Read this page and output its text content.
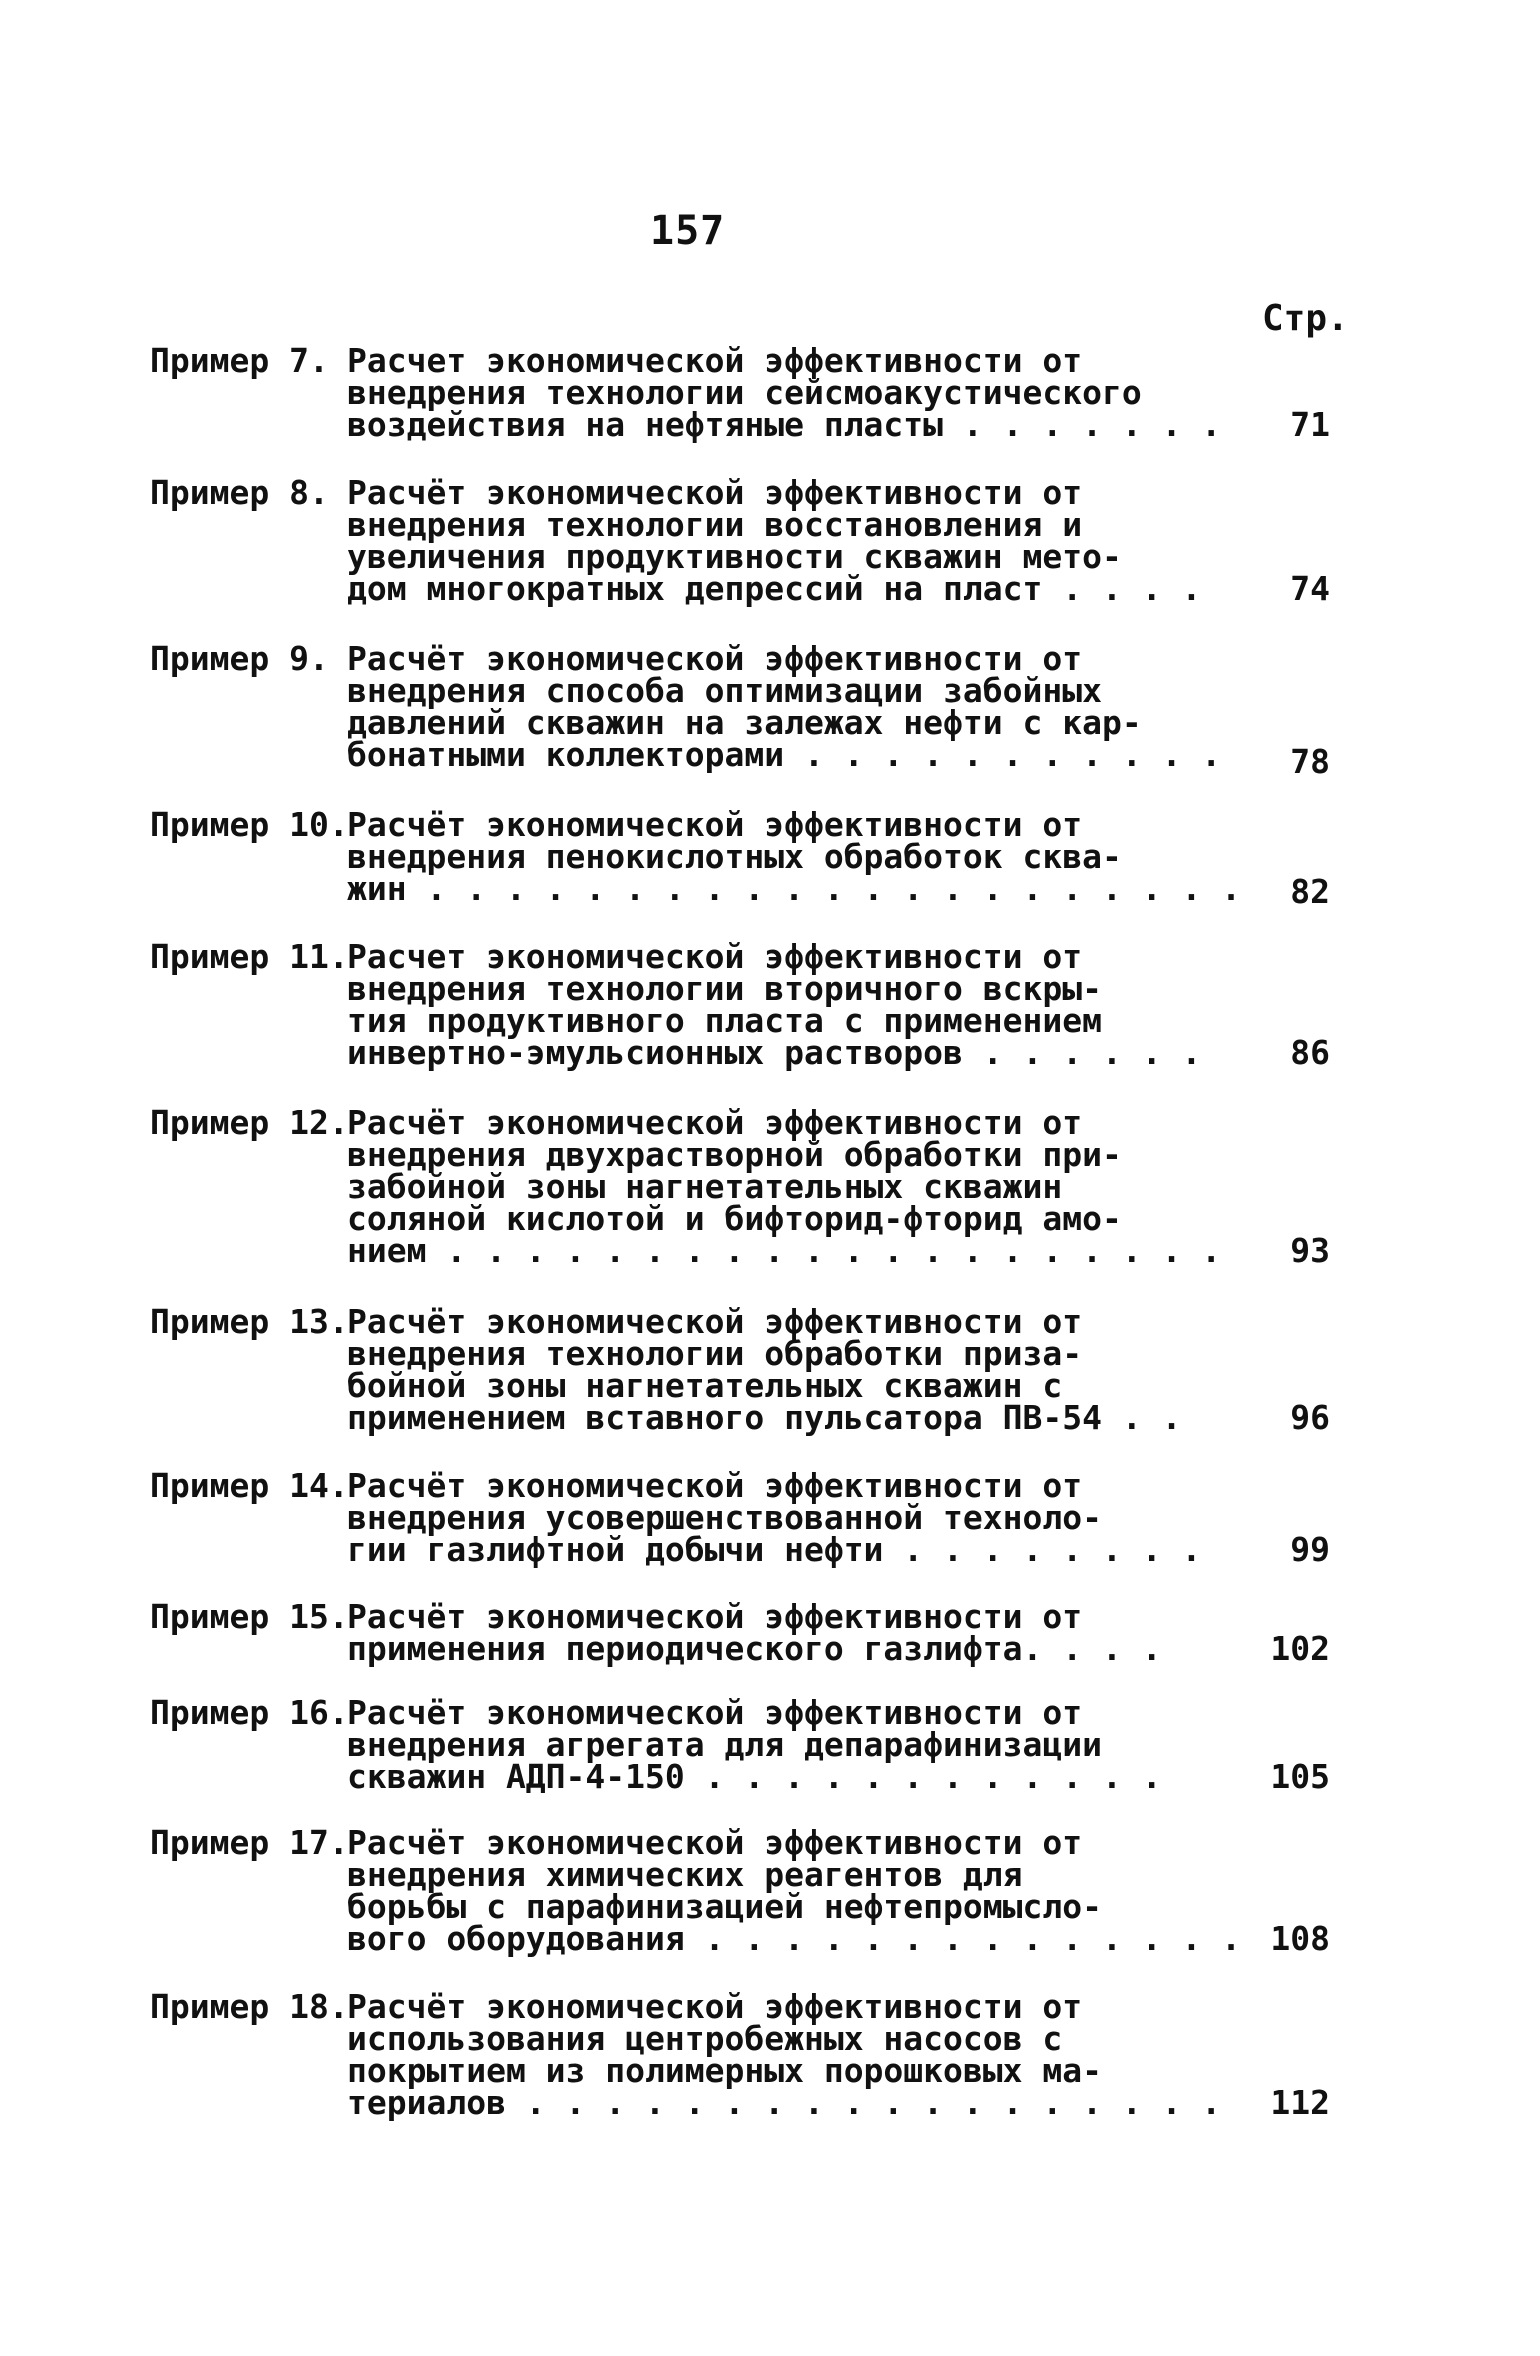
157
Стр.
Пример 7. Расчет экономической эффективности от
внедрения технологии сейсмоакустического
воздействия на нефтяные пласты . . . . . . .	71
Пример 8. Расчёт экономической эффективности от
внедрения технологии восстановления и
увеличения продуктивности скважин мето-
дом многократных депрессий на пласт . . . .	74
Пример 9. Расчёт экономической эффективности от
внедрения способа оптимизации забойных
давлений скважин на залежах нефти с кар-
бонатными коллекторами . . . . . . . . . . .	78
Пример 10.
Расчёт экономической эффективности от
внедрения пенокислотных обработок сква-
жин . . . . . . . . . . . . . . . . . . . . .	82
Пример 11.
Расчет экономической эффективности от
внедрения технологии вторичного вскры-
тия продуктивного пласта с применением
инвертно-эмульсионных растворов . . . . . .	86
Пример 12.
Расчёт экономической эффективности от
внедрения двухрастворной обработки при-
забойной зоны нагнетательных скважин
соляной кислотой и бифторид-фторид амо-
нием . . . . . . . . . . . . . . . . . . . .	93
Пример 13.
Расчёт экономической эффективности от
внедрения технологии обработки приза-
бойной зоны нагнетательных скважин с
применением вставного пульсатора ПВ-54 . .	96
Пример 14.
Расчёт экономической эффективности от
внедрения усовершенствованной техноло-
гии газлифтной добычи нефти . . . . . . . .	99
Пример 15.
Расчёт экономической эффективности от
применения периодического газлифта. . . .	102
Пример 16.
Расчёт экономической эффективности от
внедрения агрегата для депарафинизации
скважин АДП-4-150 . . . . . . . . . . . .	105
Пример 17.
Расчёт экономической эффективности от
внедрения химических реагентов для
борьбы с парафинизацией нефтепромысло-
вого оборудования . . . . . . . . . . . . . . 108
Пример 18.
Расчёт экономической эффективности от
использования центробежных насосов с
покрытием из полимерных порошковых ма-
териалов . . . . . . . . . . . . . . . . . .	112
